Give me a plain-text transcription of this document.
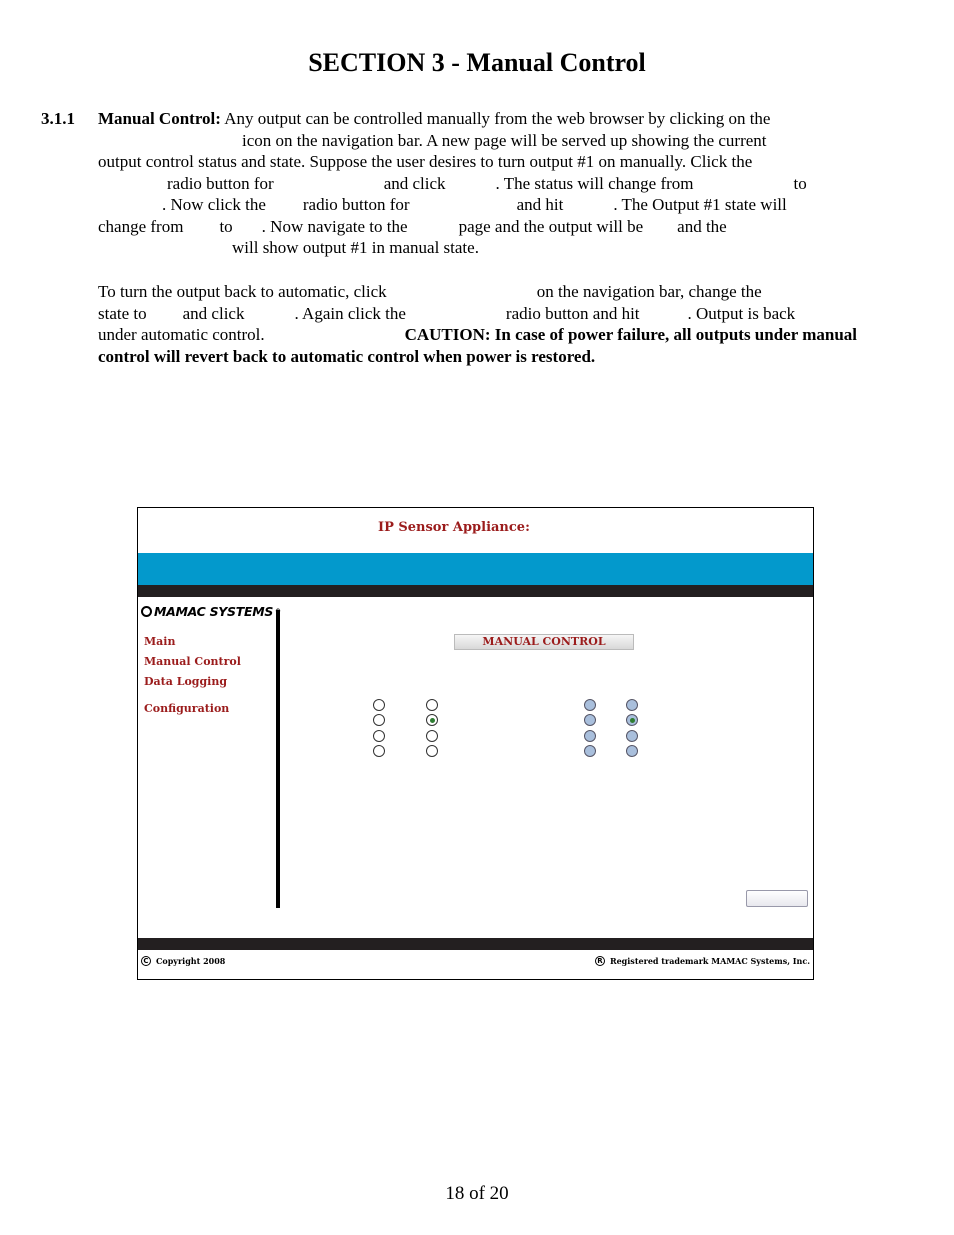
SECTION 3 - Manual Control
3.1.1 Manual Control: Any output can be controlled manually from the web browser by clicking on the
icon on the navigation bar. A new page will be served up showing the current
output control status and state. Suppose the user desires to turn output #1 on manually. Click the
radio button for	and click	. The status will change from	to
. Now click the radio button for	and hit	. The Output #1 state will
change from to . Now navigate to the	page and the output will be and the
will show output #1 in manual state.
To turn the output back to automatic, click	on the navigation bar, change the
state to and click	. Again click the	radio button and hit	. Output is back
under automatic control.	CAUTION: In case of power failure, all outputs under manual
control will revert back to automatic control when power is restored.
IP Sensor Appliance:
MAMAC SYSTEMS
Main
Manual Control
Data Logging
Configuration
MANUAL CONTROL
C Copyright 2008	R Registered trademark MAMAC Systems, Inc.
18 of 20
